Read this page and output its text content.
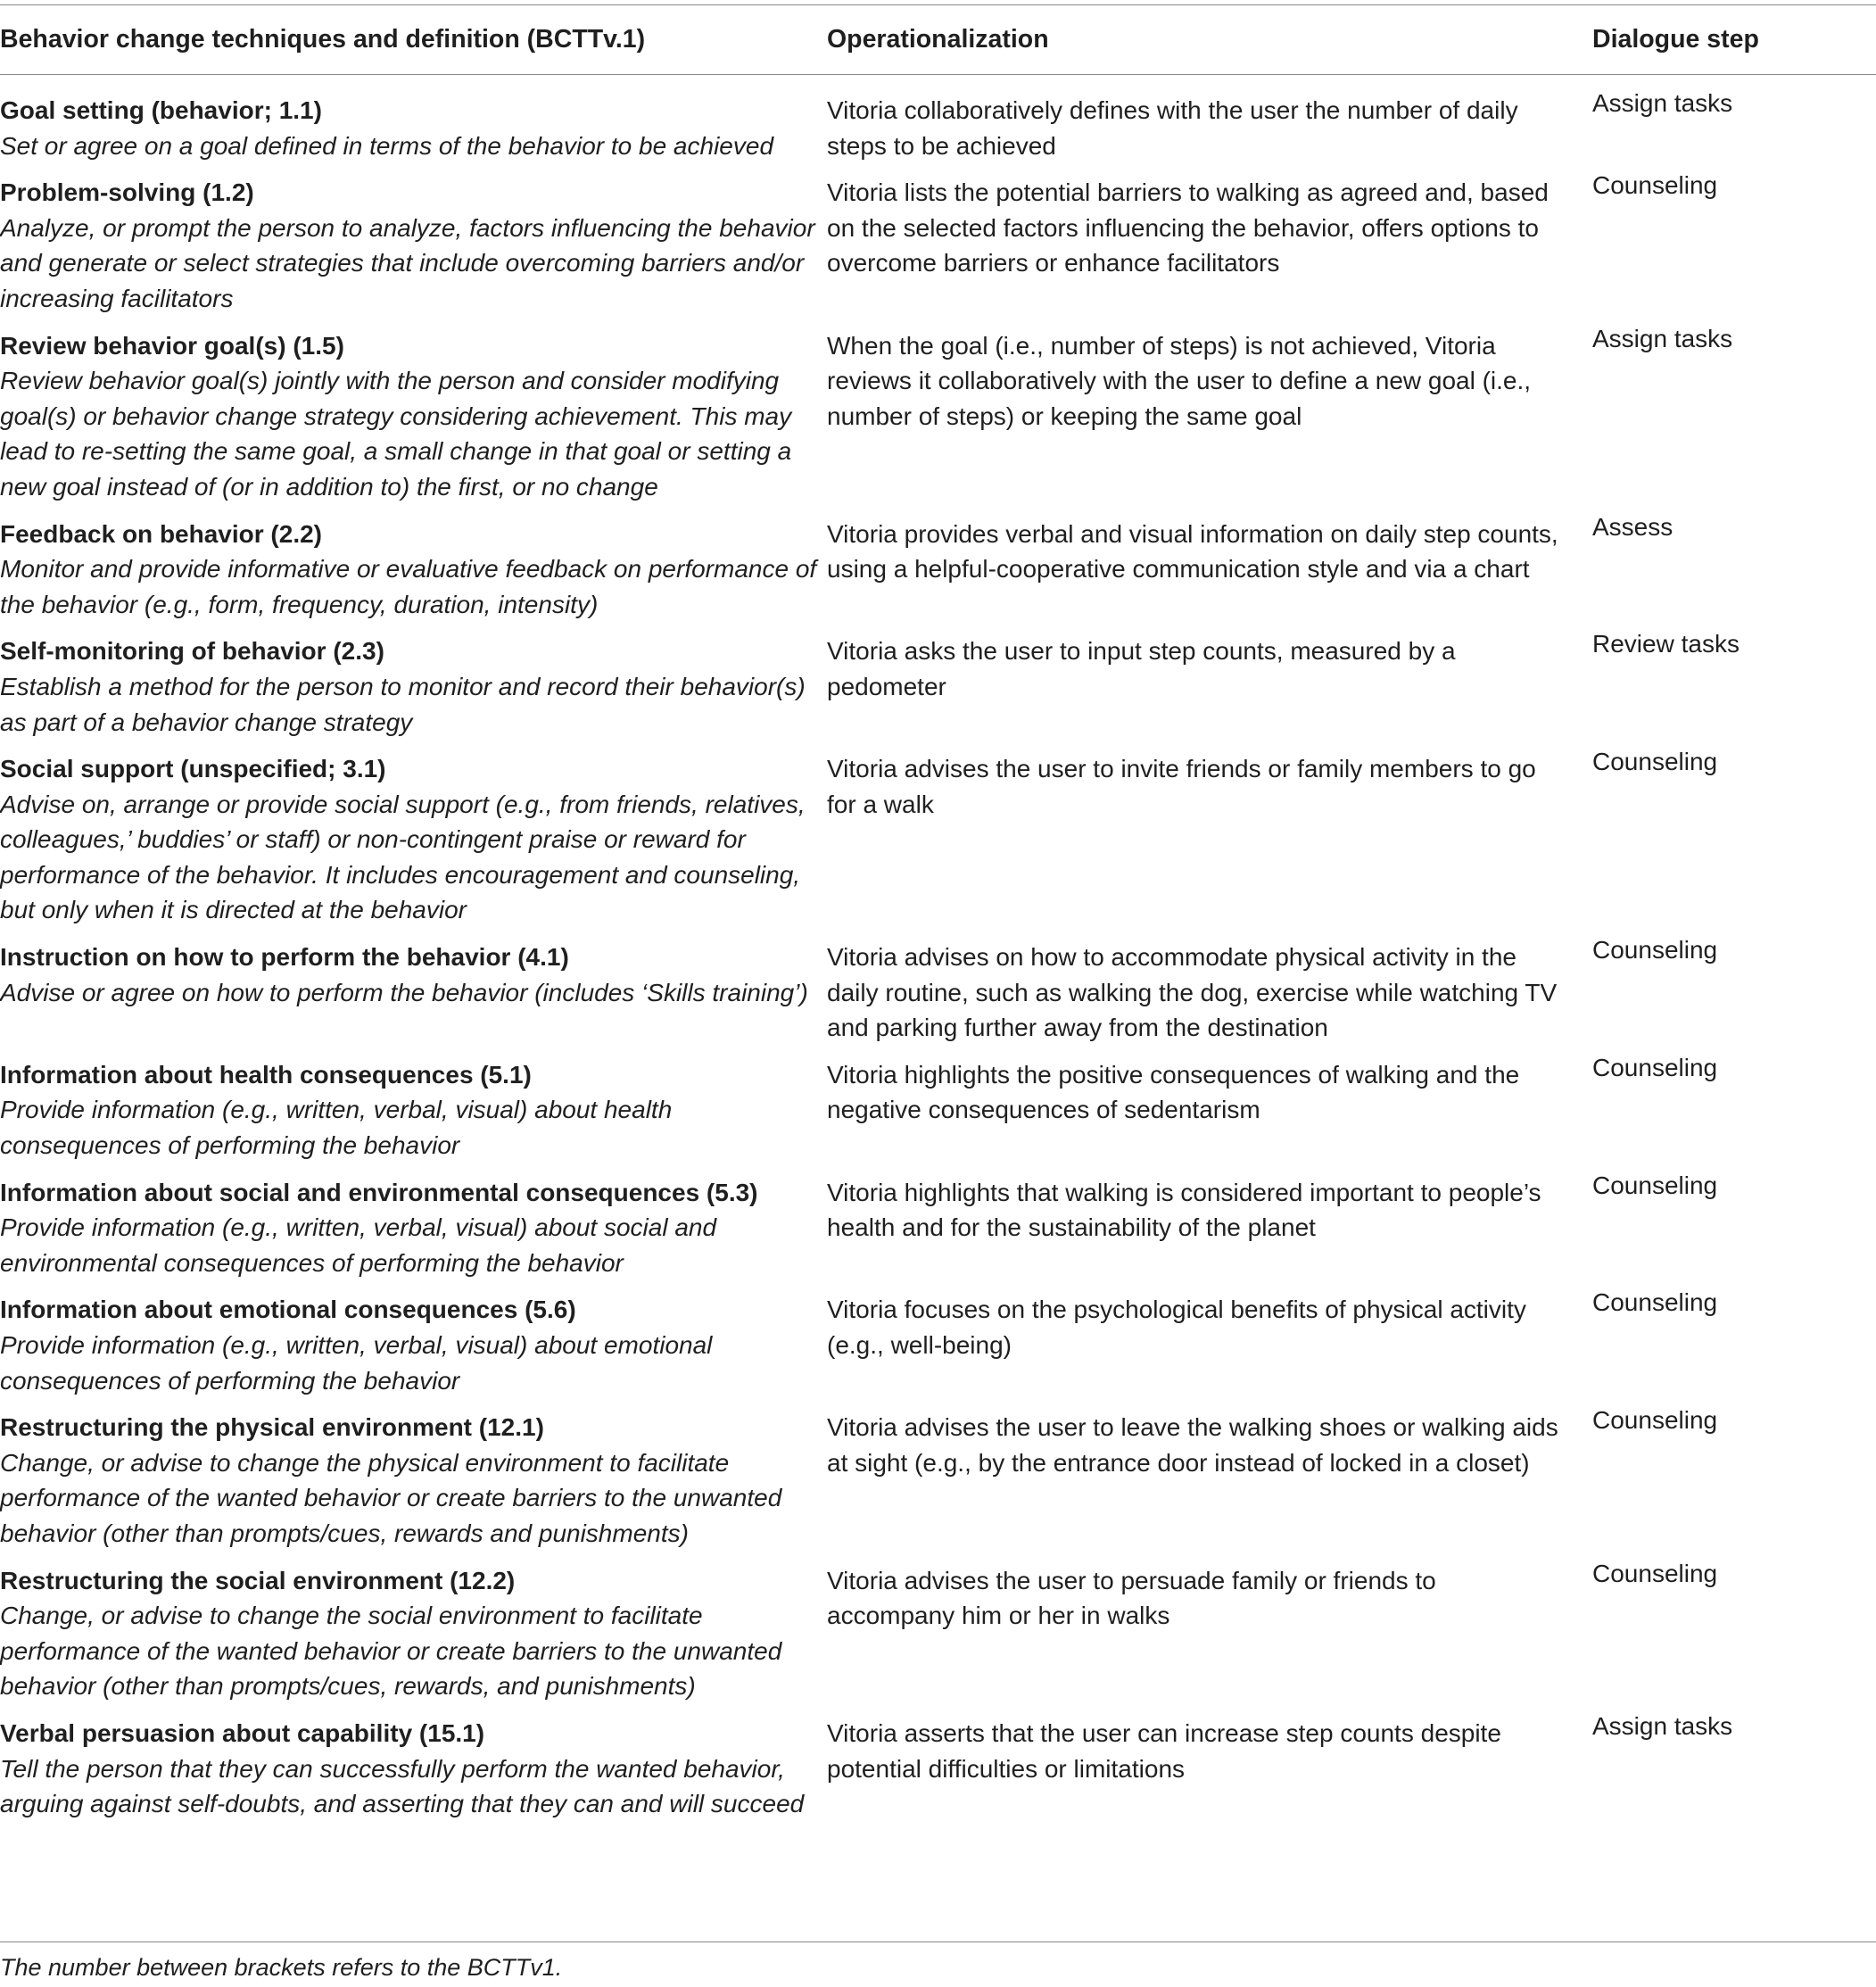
Behavior change techniques and definition (BCTTv.1)	Operationalization	Dialogue step
Goal setting (behavior; 1.1)
Set or agree on a goal defined in terms of the behavior to be achieved
Vitoria collaboratively defines with the user the number of daily steps to be achieved
Assign tasks
Problem-solving (1.2)
Analyze, or prompt the person to analyze, factors influencing the behavior and generate or select strategies that include overcoming barriers and/or increasing facilitators
Vitoria lists the potential barriers to walking as agreed and, based on the selected factors influencing the behavior, offers options to overcome barriers or enhance facilitators
Counseling
Review behavior goal(s) (1.5)
Review behavior goal(s) jointly with the person and consider modifying goal(s) or behavior change strategy considering achievement. This may lead to re-setting the same goal, a small change in that goal or setting a new goal instead of (or in addition to) the first, or no change
When the goal (i.e., number of steps) is not achieved, Vitoria reviews it collaboratively with the user to define a new goal (i.e., number of steps) or keeping the same goal
Assign tasks
Feedback on behavior (2.2)
Monitor and provide informative or evaluative feedback on performance of the behavior (e.g., form, frequency, duration, intensity)
Vitoria provides verbal and visual information on daily step counts, using a helpful-cooperative communication style and via a chart
Assess
Self-monitoring of behavior (2.3)
Establish a method for the person to monitor and record their behavior(s) as part of a behavior change strategy
Vitoria asks the user to input step counts, measured by a pedometer
Review tasks
Social support (unspecified; 3.1)
Advise on, arrange or provide social support (e.g., from friends, relatives, colleagues,’ buddies’ or staff) or non-contingent praise or reward for performance of the behavior. It includes encouragement and counseling, but only when it is directed at the behavior
Vitoria advises the user to invite friends or family members to go for a walk
Counseling
Instruction on how to perform the behavior (4.1)
Advise or agree on how to perform the behavior (includes ‘Skills training’)
Vitoria advises on how to accommodate physical activity in the daily routine, such as walking the dog, exercise while watching TV and parking further away from the destination
Counseling
Information about health consequences (5.1)
Provide information (e.g., written, verbal, visual) about health consequences of performing the behavior
Vitoria highlights the positive consequences of walking and the negative consequences of sedentarism
Counseling
Information about social and environmental consequences (5.3)
Provide information (e.g., written, verbal, visual) about social and environmental consequences of performing the behavior
Vitoria highlights that walking is considered important to people’s health and for the sustainability of the planet
Counseling
Information about emotional consequences (5.6)
Provide information (e.g., written, verbal, visual) about emotional consequences of performing the behavior
Vitoria focuses on the psychological benefits of physical activity (e.g., well-being)
Counseling
Restructuring the physical environment (12.1)
Change, or advise to change the physical environment to facilitate performance of the wanted behavior or create barriers to the unwanted behavior (other than prompts/cues, rewards and punishments)
Vitoria advises the user to leave the walking shoes or walking aids at sight (e.g., by the entrance door instead of locked in a closet)
Counseling
Restructuring the social environment (12.2)
Change, or advise to change the social environment to facilitate performance of the wanted behavior or create barriers to the unwanted behavior (other than prompts/cues, rewards, and punishments)
Vitoria advises the user to persuade family or friends to accompany him or her in walks
Counseling
Verbal persuasion about capability (15.1)
Tell the person that they can successfully perform the wanted behavior, arguing against self-doubts, and asserting that they can and will succeed
Vitoria asserts that the user can increase step counts despite potential difficulties or limitations
Assign tasks
The number between brackets refers to the BCTTv1.
